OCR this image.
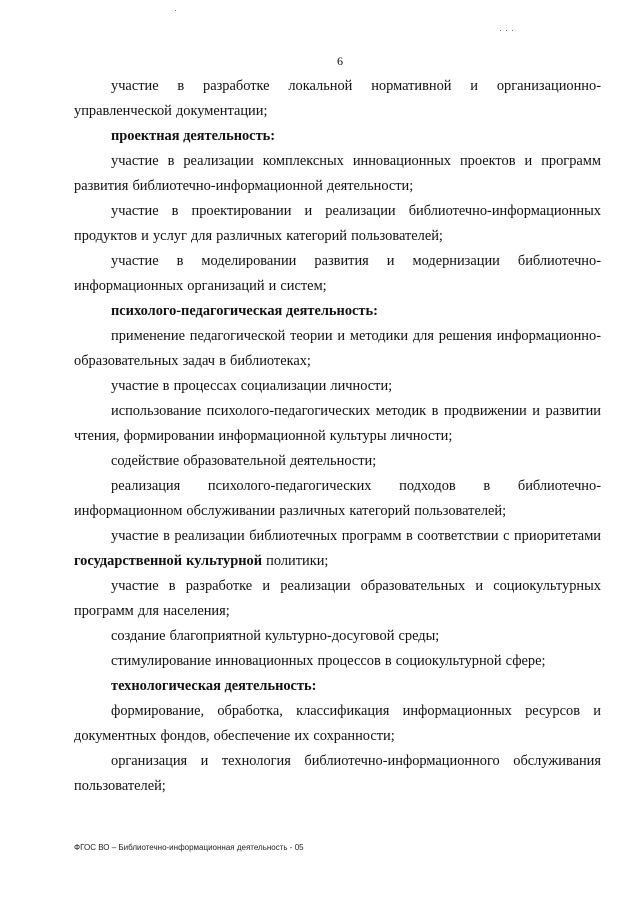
6

участие в разработке локальной нормативной и организационно-управленческой документации;

проектная деятельность:

участие в реализации комплексных инновационных проектов и программ развития библиотечно-информационной деятельности;

участие в проектировании и реализации библиотечно-информационных продуктов и услуг для различных категорий пользователей;

участие в моделировании развития и модернизации библиотечно-информационных организаций и систем;

психолого-педагогическая деятельность:

применение педагогической теории и методики для решения информационно-образовательных задач в библиотеках;

участие в процессах социализации личности;

использование психолого-педагогических методик в продвижении и развитии чтения, формировании информационной культуры личности;

содействие образовательной деятельности;

реализация психолого-педагогических подходов в библиотечно-информационном обслуживании различных категорий пользователей;

участие в реализации библиотечных программ в соответствии с приоритетами государственной культурной политики;

участие в разработке и реализации образовательных и социокультурных программ для населения;

создание благоприятной культурно-досуговой среды;

стимулирование инновационных процессов в социокультурной сфере;

технологическая деятельность:

формирование, обработка, классификация информационных ресурсов и документных фондов, обеспечение их сохранности;

организация и технология библиотечно-информационного обслуживания пользователей;

ФГОС ВО – Библиотечно-информационная деятельность - 05
